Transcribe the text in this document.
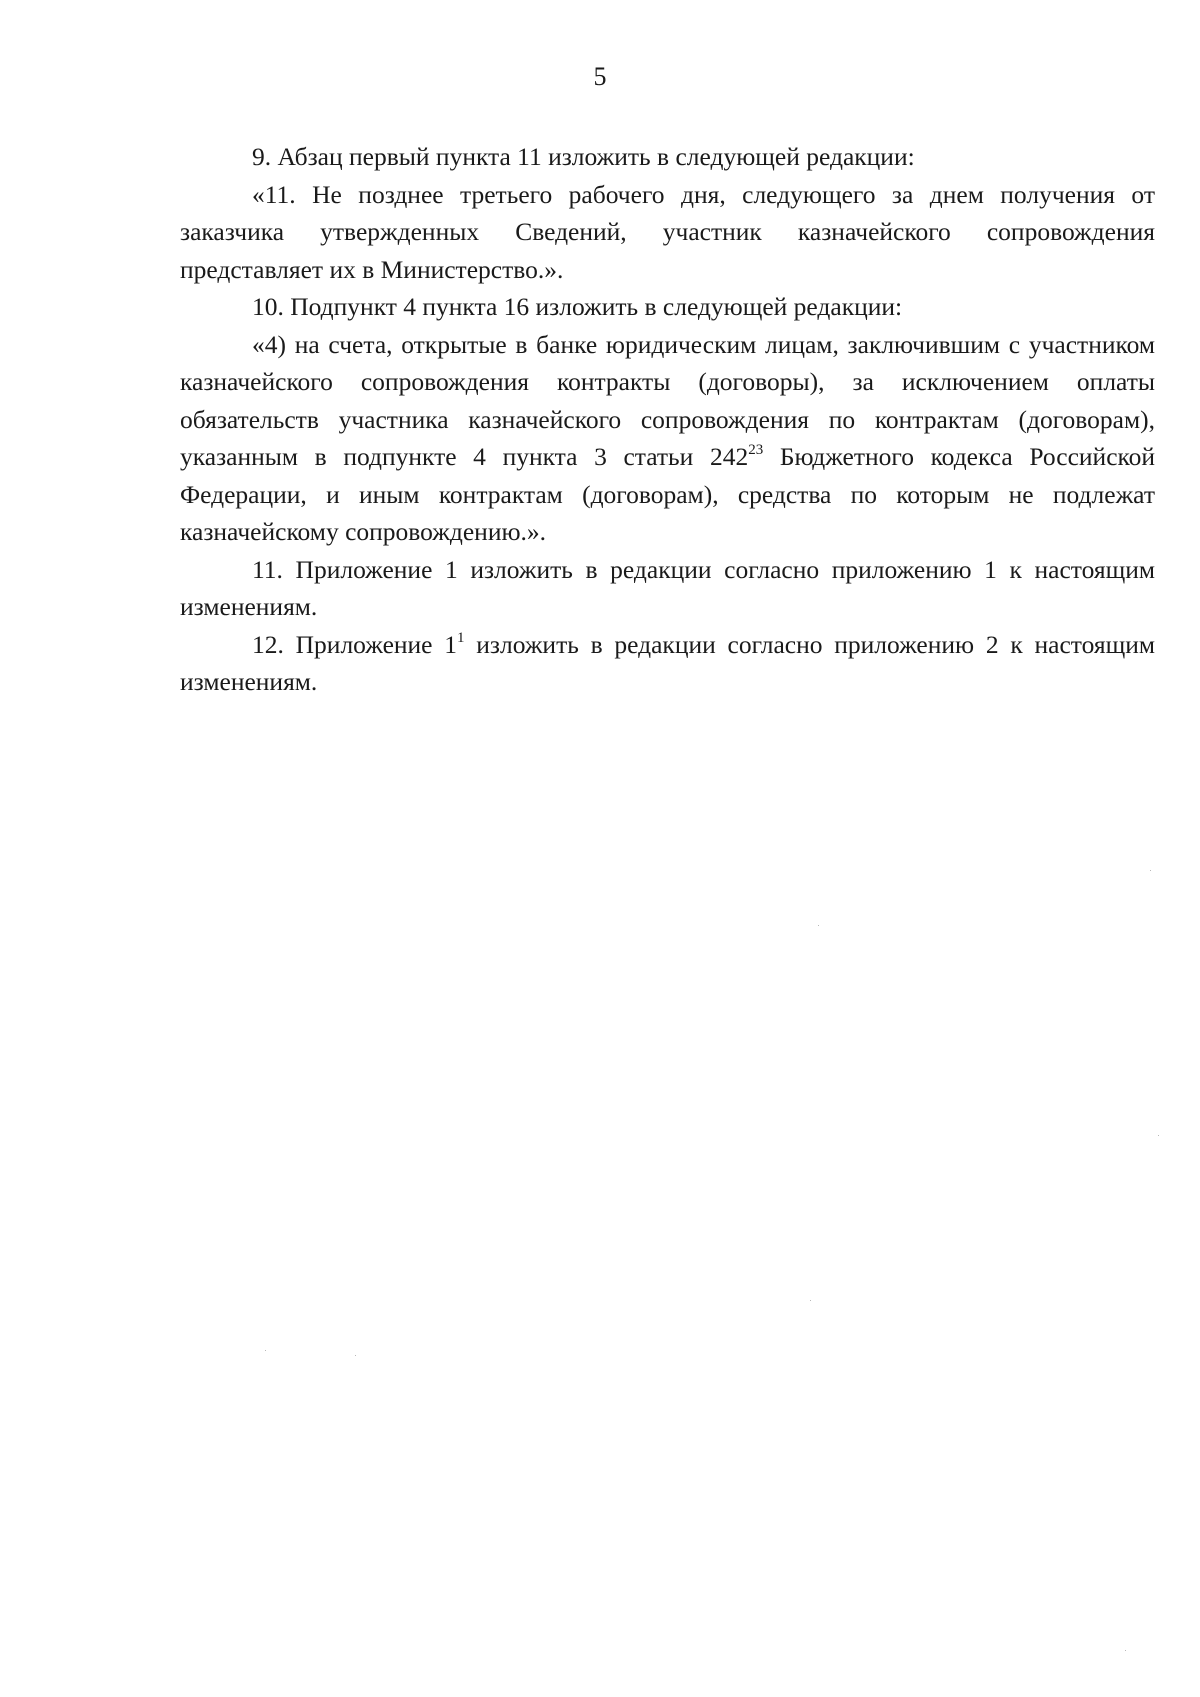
5

9. Абзац первый пункта 11 изложить в следующей редакции:

«11. Не позднее третьего рабочего дня, следующего за днем получения от заказчика утвержденных Сведений, участник казначейского сопровождения представляет их в Министерство.».

10. Подпункт 4 пункта 16 изложить в следующей редакции:

«4) на счета, открытые в банке юридическим лицам, заключившим с участником казначейского сопровождения контракты (договоры), за исключением оплаты обязательств участника казначейского сопровождения по контрактам (договорам), указанным в подпункте 4 пункта 3 статьи $242^{23}$ Бюджетного кодекса Российской Федерации, и иным контрактам (договорам), средства по которым не подлежат казначейскому сопровождению.».

11. Приложение 1 изложить в редакции согласно приложению 1 к настоящим изменениям.

12. Приложение $1^1$ изложить в редакции согласно приложению 2 к настоящим изменениям.
